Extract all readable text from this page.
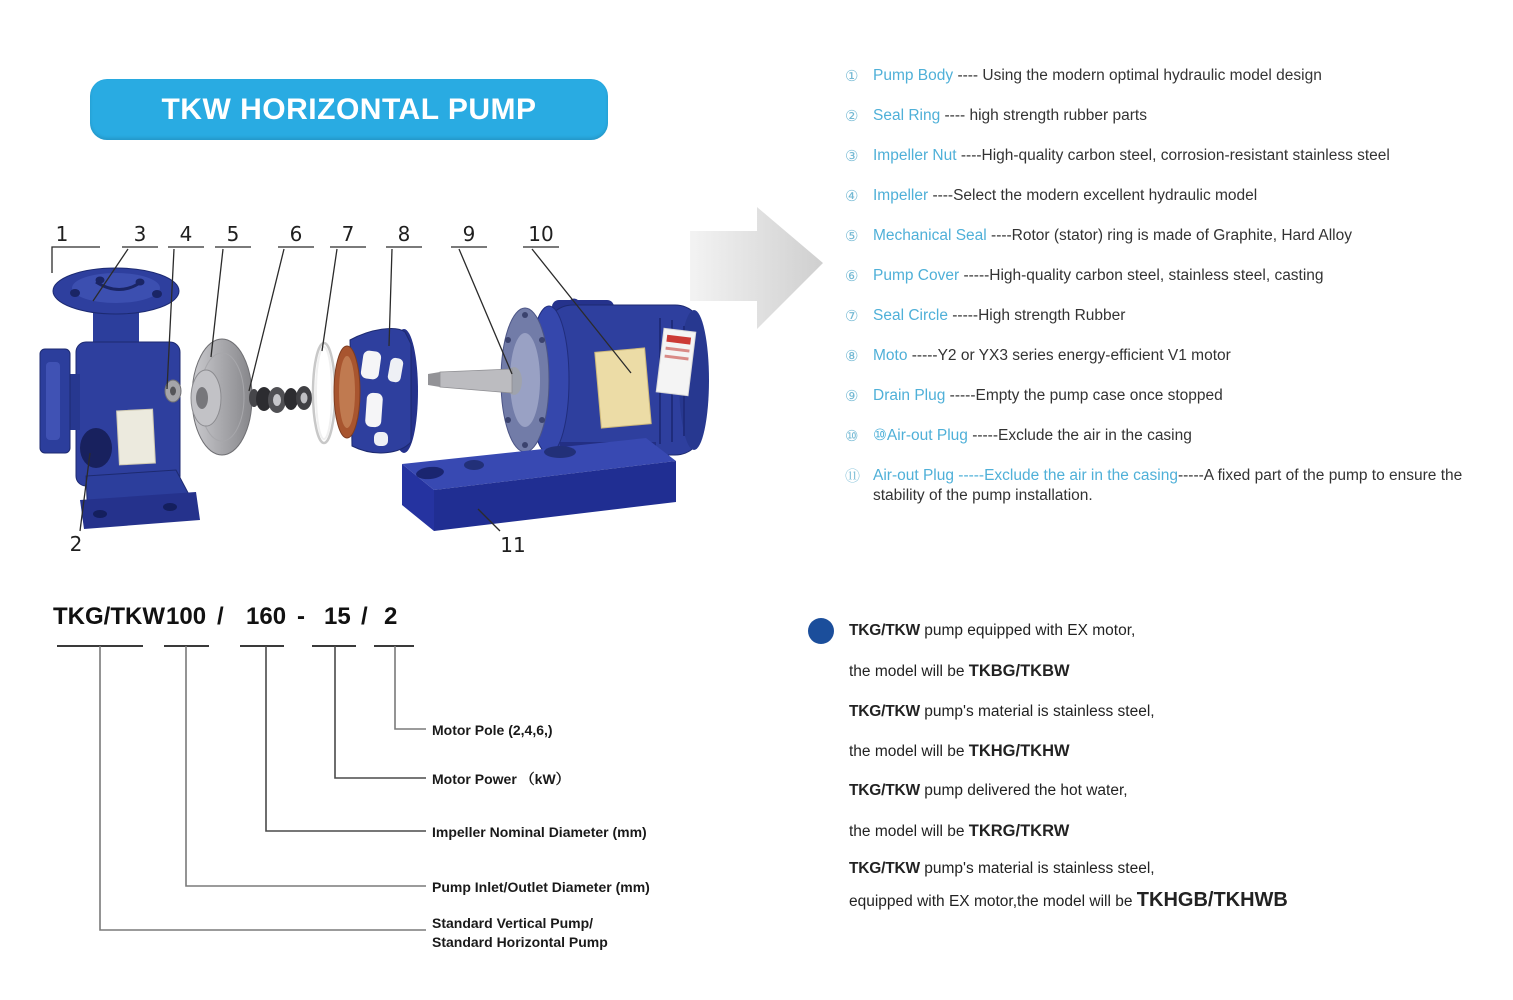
TKW HORIZONTAL PUMP
1	3 4 5	6 7 8	9	10
2	11
① Pump Body ---- Using the modern optimal hydraulic model design
② Seal Ring ---- high strength rubber parts
③ Impeller Nut ----High-quality carbon steel, corrosion-resistant stainless steel
④ Impeller ----Select the modern excellent hydraulic model
⑤ Mechanical Seal ----Rotor (stator) ring is made of Graphite, Hard Alloy
⑥ Pump Cover -----High-quality carbon steel, stainless steel, casting
⑦ Seal Circle -----High strength Rubber
⑧ Moto -----Y2 or YX3 series energy-efficient V1 motor
⑨ Drain Plug -----Empty the pump case once stopped
⑩ ⑩Air-out Plug -----Exclude the air in the casing
⑪ Air-out Plug -----Exclude the air in the casing-----A fixed part of the pump to ensure the stability of the pump installation.
TKG/TKW 100 / 160 - 15 / 2
Motor Pole (2,4,6,)
Motor Power （kW）
Impeller Nominal Diameter (mm)
Pump Inlet/Outlet Diameter (mm)
Standard Vertical Pump/
Standard Horizontal Pump
TKG/TKW pump equipped with EX motor,
the model will be TKBG/TKBW
TKG/TKW pump's material is stainless steel,
the model will be TKHG/TKHW
TKG/TKW pump delivered the hot water,
the model will be TKRG/TKRW
TKG/TKW pump's material is stainless steel,
equipped with EX motor,the model will be TKHGB/TKHWB
